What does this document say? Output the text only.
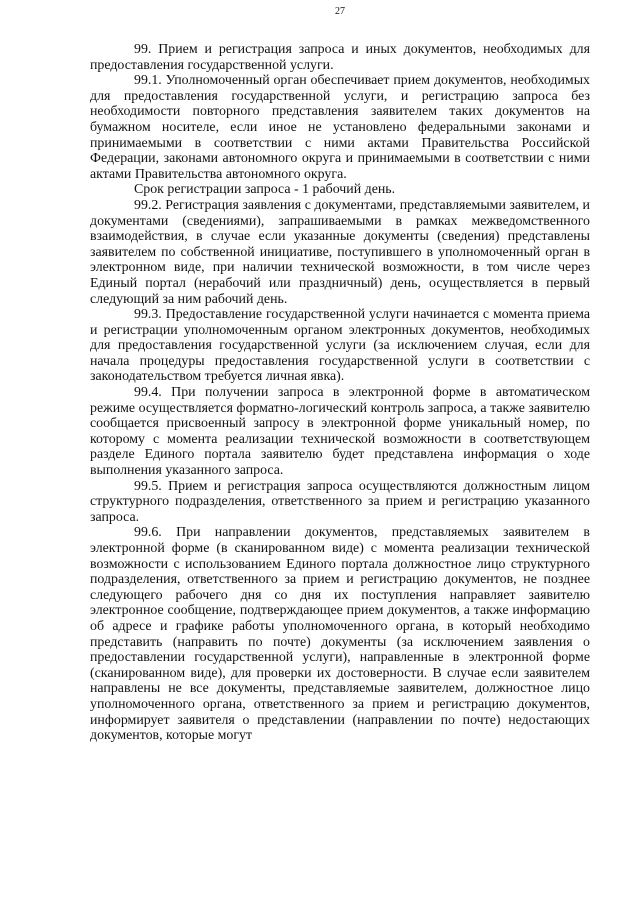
27

99. Прием и регистрация запроса и иных документов, необходимых для предоставления государственной услуги.

99.1. Уполномоченный орган обеспечивает прием документов, необходимых для предоставления государственной услуги, и регистрацию запроса без необходимости повторного представления заявителем таких документов на бумажном носителе, если иное не установлено федеральными законами и принимаемыми в соответствии с ними актами Правительства Российской Федерации, законами автономного округа и принимаемыми в соответствии с ними актами Правительства автономного округа.

Срок регистрации запроса - 1 рабочий день.

99.2. Регистрация заявления с документами, представляемыми заявителем, и документами (сведениями), запрашиваемыми в рамках межведомственного взаимодействия, в случае если указанные документы (сведения) представлены заявителем по собственной инициативе, поступившего в уполномоченный орган в электронном виде, при наличии технической возможности, в том числе через Единый портал (нерабочий или праздничный) день, осуществляется в первый следующий за ним рабочий день.

99.3. Предоставление государственной услуги начинается с момента приема и регистрации уполномоченным органом электронных документов, необходимых для предоставления государственной услуги (за исключением случая, если для начала процедуры предоставления государственной услуги в соответствии с законодательством требуется личная явка).

99.4. При получении запроса в электронной форме в автоматическом режиме осуществляется форматно-логический контроль запроса, а также заявителю сообщается присвоенный запросу в электронной форме уникальный номер, по которому с момента реализации технической возможности в соответствующем разделе Единого портала заявителю будет представлена информация о ходе выполнения указанного запроса.

99.5. Прием и регистрация запроса осуществляются должностным лицом структурного подразделения, ответственного за прием и регистрацию указанного запроса.

99.6. При направлении документов, представляемых заявителем в электронной форме (в сканированном виде) с момента реализации технической возможности с использованием Единого портала должностное лицо структурного подразделения, ответственного за прием и регистрацию документов, не позднее следующего рабочего дня со дня их поступления направляет заявителю электронное сообщение, подтверждающее прием документов, а также информацию об адресе и графике работы уполномоченного органа, в который необходимо представить (направить по почте) документы (за исключением заявления о предоставлении государственной услуги), направленные в электронной форме (сканированном виде), для проверки их достоверности. В случае если заявителем направлены не все документы, представляемые заявителем, должностное лицо уполномоченного органа, ответственного за прием и регистрацию документов, информирует заявителя о представлении (направлении по почте) недостающих документов, которые могут
